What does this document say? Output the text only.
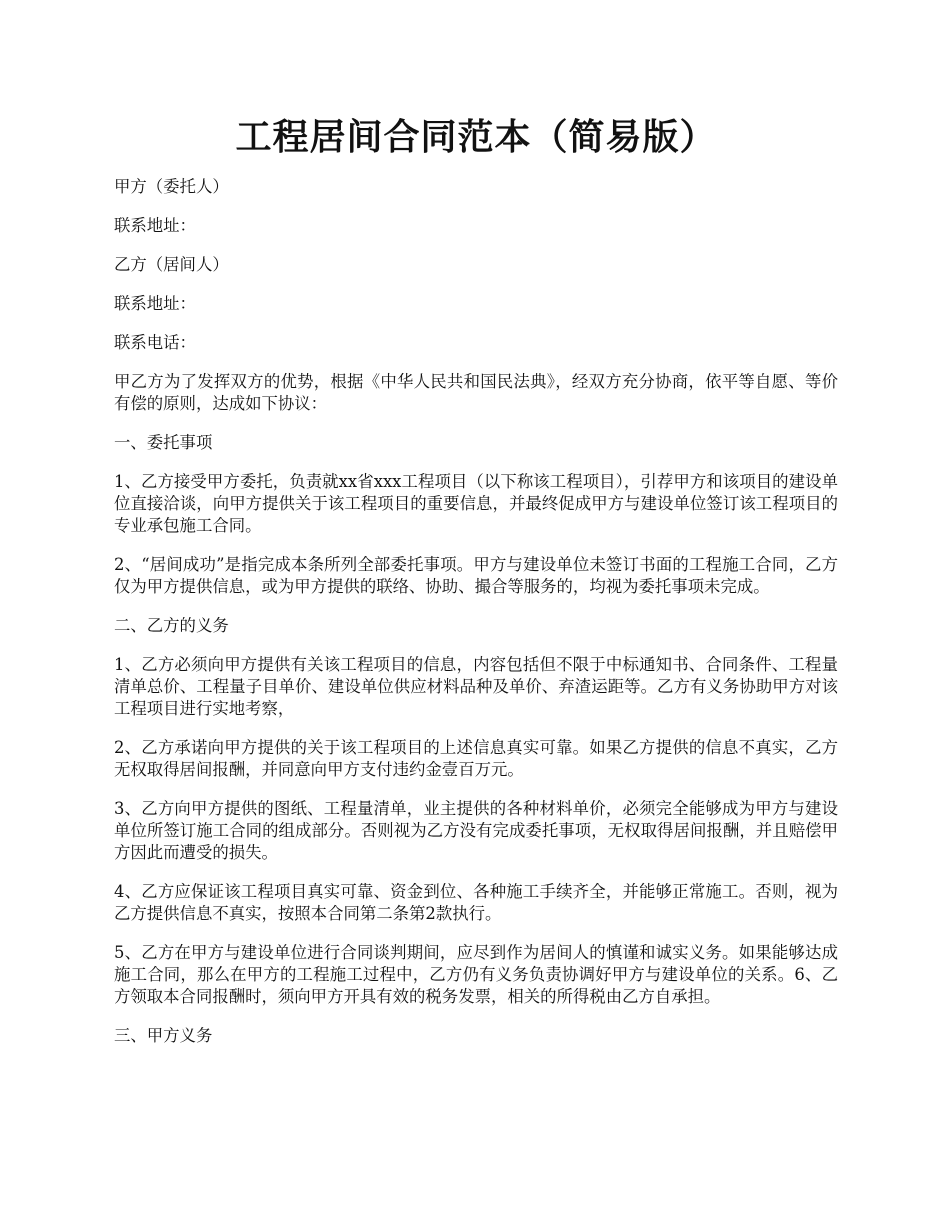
工程居间合同范本（简易版）

甲方（委托人）

联系地址：

乙方（居间人）

联系地址：

联系电话：

甲乙方为了发挥双方的优势，根据《中华人民共和国民法典》，经双方充分协商，依平等自愿、等价有偿的原则，达成如下协议：

一、委托事项

1、乙方接受甲方委托，负责就xx省xxx工程项目（以下称该工程项目），引荐甲方和该项目的建设单位直接洽谈，向甲方提供关于该工程项目的重要信息，并最终促成甲方与建设单位签订该工程项目的专业承包施工合同。

2、“居间成功”是指完成本条所列全部委托事项。甲方与建设单位未签订书面的工程施工合同，乙方仅为甲方提供信息，或为甲方提供的联络、协助、撮合等服务的，均视为委托事项未完成。

二、乙方的义务

1、乙方必须向甲方提供有关该工程项目的信息，内容包括但不限于中标通知书、合同条件、工程量清单总价、工程量子目单价、建设单位供应材料品种及单价、弃渣运距等。乙方有义务协助甲方对该工程项目进行实地考察，

2、乙方承诺向甲方提供的关于该工程项目的上述信息真实可靠。如果乙方提供的信息不真实，乙方无权取得居间报酬，并同意向甲方支付违约金壹百万元。

3、乙方向甲方提供的图纸、工程量清单，业主提供的各种材料单价，必须完全能够成为甲方与建设单位所签订施工合同的组成部分。否则视为乙方没有完成委托事项，无权取得居间报酬，并且赔偿甲方因此而遭受的损失。

4、乙方应保证该工程项目真实可靠、资金到位、各种施工手续齐全，并能够正常施工。否则，视为乙方提供信息不真实，按照本合同第二条第2款执行。

5、乙方在甲方与建设单位进行合同谈判期间，应尽到作为居间人的慎谨和诚实义务。如果能够达成施工合同，那么在甲方的工程施工过程中，乙方仍有义务负责协调好甲方与建设单位的关系。6、乙方领取本合同报酬时，须向甲方开具有效的税务发票，相关的所得税由乙方自承担。

三、甲方义务
